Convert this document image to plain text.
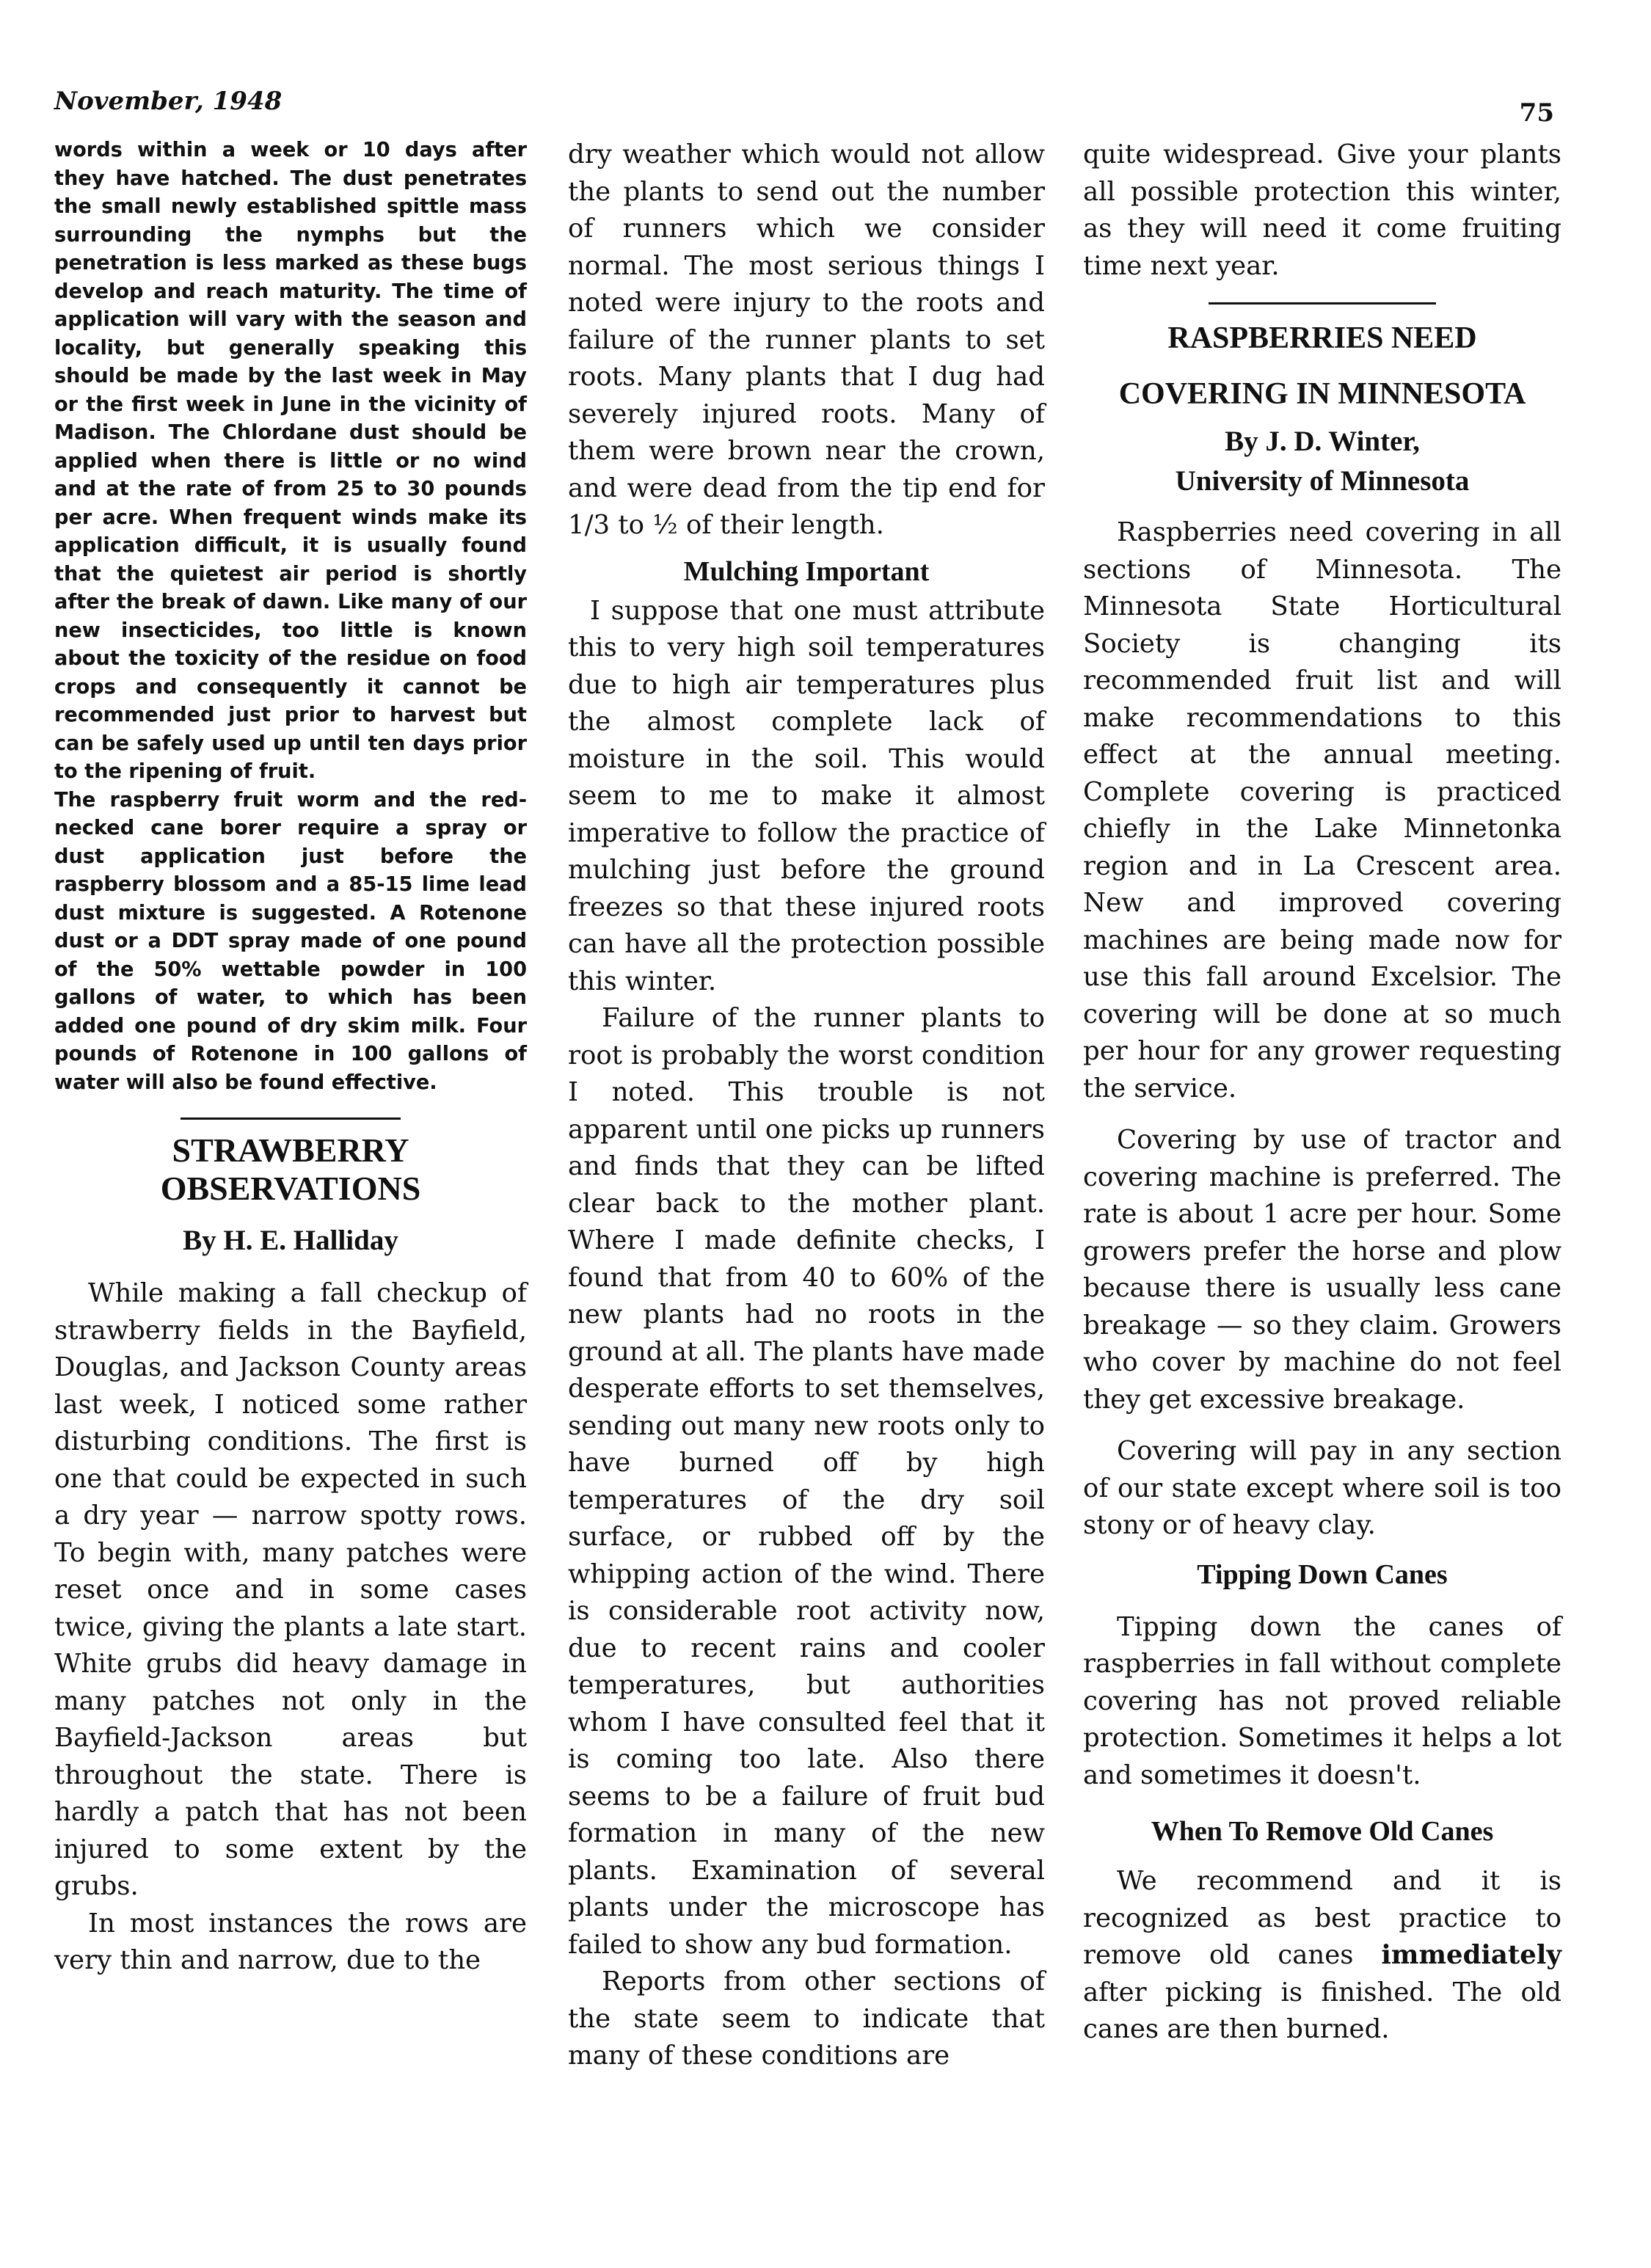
November, 1948	75

words within a week or 10 days after they have hatched. The dust penetrates the small newly established spittle mass surrounding the nymphs but the penetration is less marked as these bugs develop and reach maturity. The time of application will vary with the season and locality, but generally speaking this should be made by the last week in May or the first week in June in the vicinity of Madison. The Chlordane dust should be applied when there is little or no wind and at the rate of from 25 to 30 pounds per acre. When frequent winds make its application difficult, it is usually found that the quietest air period is shortly after the break of dawn. Like many of our new insecticides, too little is known about the toxicity of the residue on food crops and consequently it cannot be recommended just prior to harvest but can be safely used up until ten days prior to the ripening of fruit.

The raspberry fruit worm and the red-necked cane borer require a spray or dust application just before the raspberry blossom and a 85-15 lime lead dust mixture is suggested. A Rotenone dust or a DDT spray made of one pound of the 50% wettable powder in 100 gallons of water, to which has been added one pound of dry skim milk. Four pounds of Rotenone in 100 gallons of water will also be found effective.

STRAWBERRY

OBSERVATIONS

By H. E. Halliday

While making a fall checkup of strawberry fields in the Bayfield, Douglas, and Jackson County areas last week, I noticed some rather disturbing conditions. The first is one that could be expected in such a dry year — narrow spotty rows. To begin with, many patches were reset once and in some cases twice, giving the plants a late start. White grubs did heavy damage in many patches not only in the Bayfield-Jackson areas but throughout the state. There is hardly a patch that has not been injured to some extent by the grubs.

In most instances the rows are very thin and narrow, due to the

dry weather which would not allow the plants to send out the number of runners which we consider normal. The most serious things I noted were injury to the roots and failure of the runner plants to set roots. Many plants that I dug had severely injured roots. Many of them were brown near the crown, and were dead from the tip end for 1/3 to ½ of their length.

Mulching Important

I suppose that one must attribute this to very high soil temperatures due to high air temperatures plus the almost complete lack of moisture in the soil. This would seem to me to make it almost imperative to follow the practice of mulching just before the ground freezes so that these injured roots can have all the protection possible this winter.

Failure of the runner plants to root is probably the worst condition I noted. This trouble is not apparent until one picks up runners and finds that they can be lifted clear back to the mother plant. Where I made definite checks, I found that from 40 to 60% of the new plants had no roots in the ground at all. The plants have made desperate efforts to set themselves, sending out many new roots only to have burned off by high temperatures of the dry soil surface, or rubbed off by the whipping action of the wind. There is considerable root activity now, due to recent rains and cooler temperatures, but authorities whom I have consulted feel that it is coming too late. Also there seems to be a failure of fruit bud formation in many of the new plants. Examination of several plants under the microscope has failed to show any bud formation.

Reports from other sections of the state seem to indicate that many of these conditions are

quite widespread. Give your plants all possible protection this winter, as they will need it come fruiting time next year.

RASPBERRIES NEED

COVERING IN MINNESOTA

By J. D. Winter,

University of Minnesota

Raspberries need covering in all sections of Minnesota. The Minnesota State Horticultural Society is changing its recommended fruit list and will make recommendations to this effect at the annual meeting. Complete covering is practiced chiefly in the Lake Minnetonka region and in La Crescent area. New and improved covering machines are being made now for use this fall around Excelsior. The covering will be done at so much per hour for any grower requesting the service.

Covering by use of tractor and covering machine is preferred. The rate is about 1 acre per hour. Some growers prefer the horse and plow because there is usually less cane breakage — so they claim. Growers who cover by machine do not feel they get excessive breakage.

Covering will pay in any section of our state except where soil is too stony or of heavy clay.

Tipping Down Canes

Tipping down the canes of raspberries in fall without complete covering has not proved reliable protection. Sometimes it helps a lot and sometimes it doesn't.

When To Remove Old Canes

We recommend and it is recognized as best practice to remove old canes immediately after picking is finished. The old canes are then burned.
